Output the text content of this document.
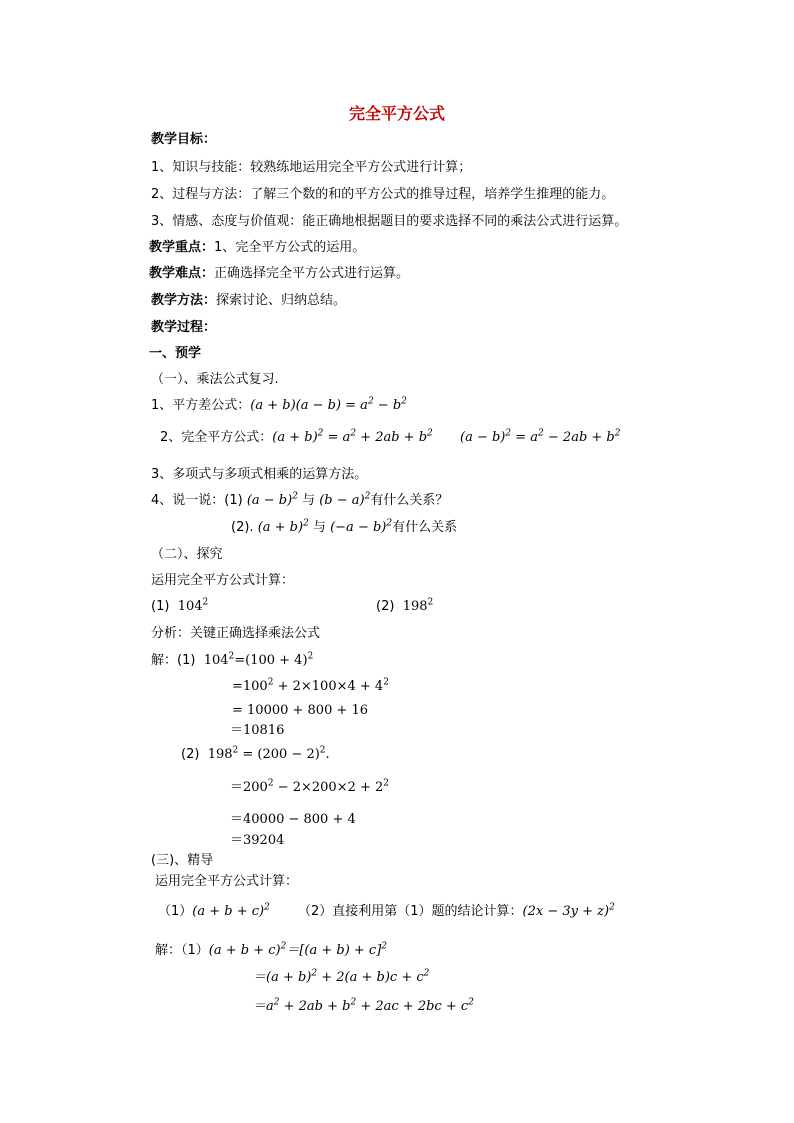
完全平方公式
教学目标：
1、知识与技能：较熟练地运用完全平方公式进行计算；
2、过程与方法：了解三个数的和的平方公式的推导过程，培养学生推理的能力。
3、情感、态度与价值观：能正确地根据题目的要求选择不同的乘法公式进行运算。
教学重点：1、完全平方公式的运用。
教学难点：正确选择完全平方公式进行运算。
教学方法：探索讨论、归纳总结。
教学过程：
一、预学
（一）、乘法公式复习.
1、平方差公式：$(a + b)(a - b) = a^2 - b^2$
2、完全平方公式：$(a + b)^2 = a^2 + 2ab + b^2$ $(a - b)^2 = a^2 - 2ab + b^2$
3、多项式与多项式相乘的运算方法。
4、说一说：(1) $(a - b)^2$ 与 $(b - a)^2$有什么关系？
(2). $(a + b)^2$ 与 $(-a - b)^2$有什么关系
（二）、探究
运用完全平方公式计算：
(1) $104^2$	(2) $198^2$
分析：关键正确选择乘法公式
解：(1) $104^2=(100 + 4)^2$
$=100^2 + 2\times 100\times 4 + 4^2$
= 10000 + 800 + 16
＝10816
(2) $198^2 = (200 - 2)^2$.
$=200^2 - 2\times 200\times 2 + 2^2$
＝40000 − 800 + 4
＝39204
(三)、精导
运用完全平方公式计算：
$(1)(a + b + c)^2$ （2）直接利用第（1）题的结论计算：$(2x - 3y + z)^2$
解：$(1)(a + b + c)^2=[(a + b) + c]^2$
$=(a + b)^2 + 2(a + b)c + c^2$
$=a^2 + 2ab + b^2 + 2ac + 2bc + c^2$
